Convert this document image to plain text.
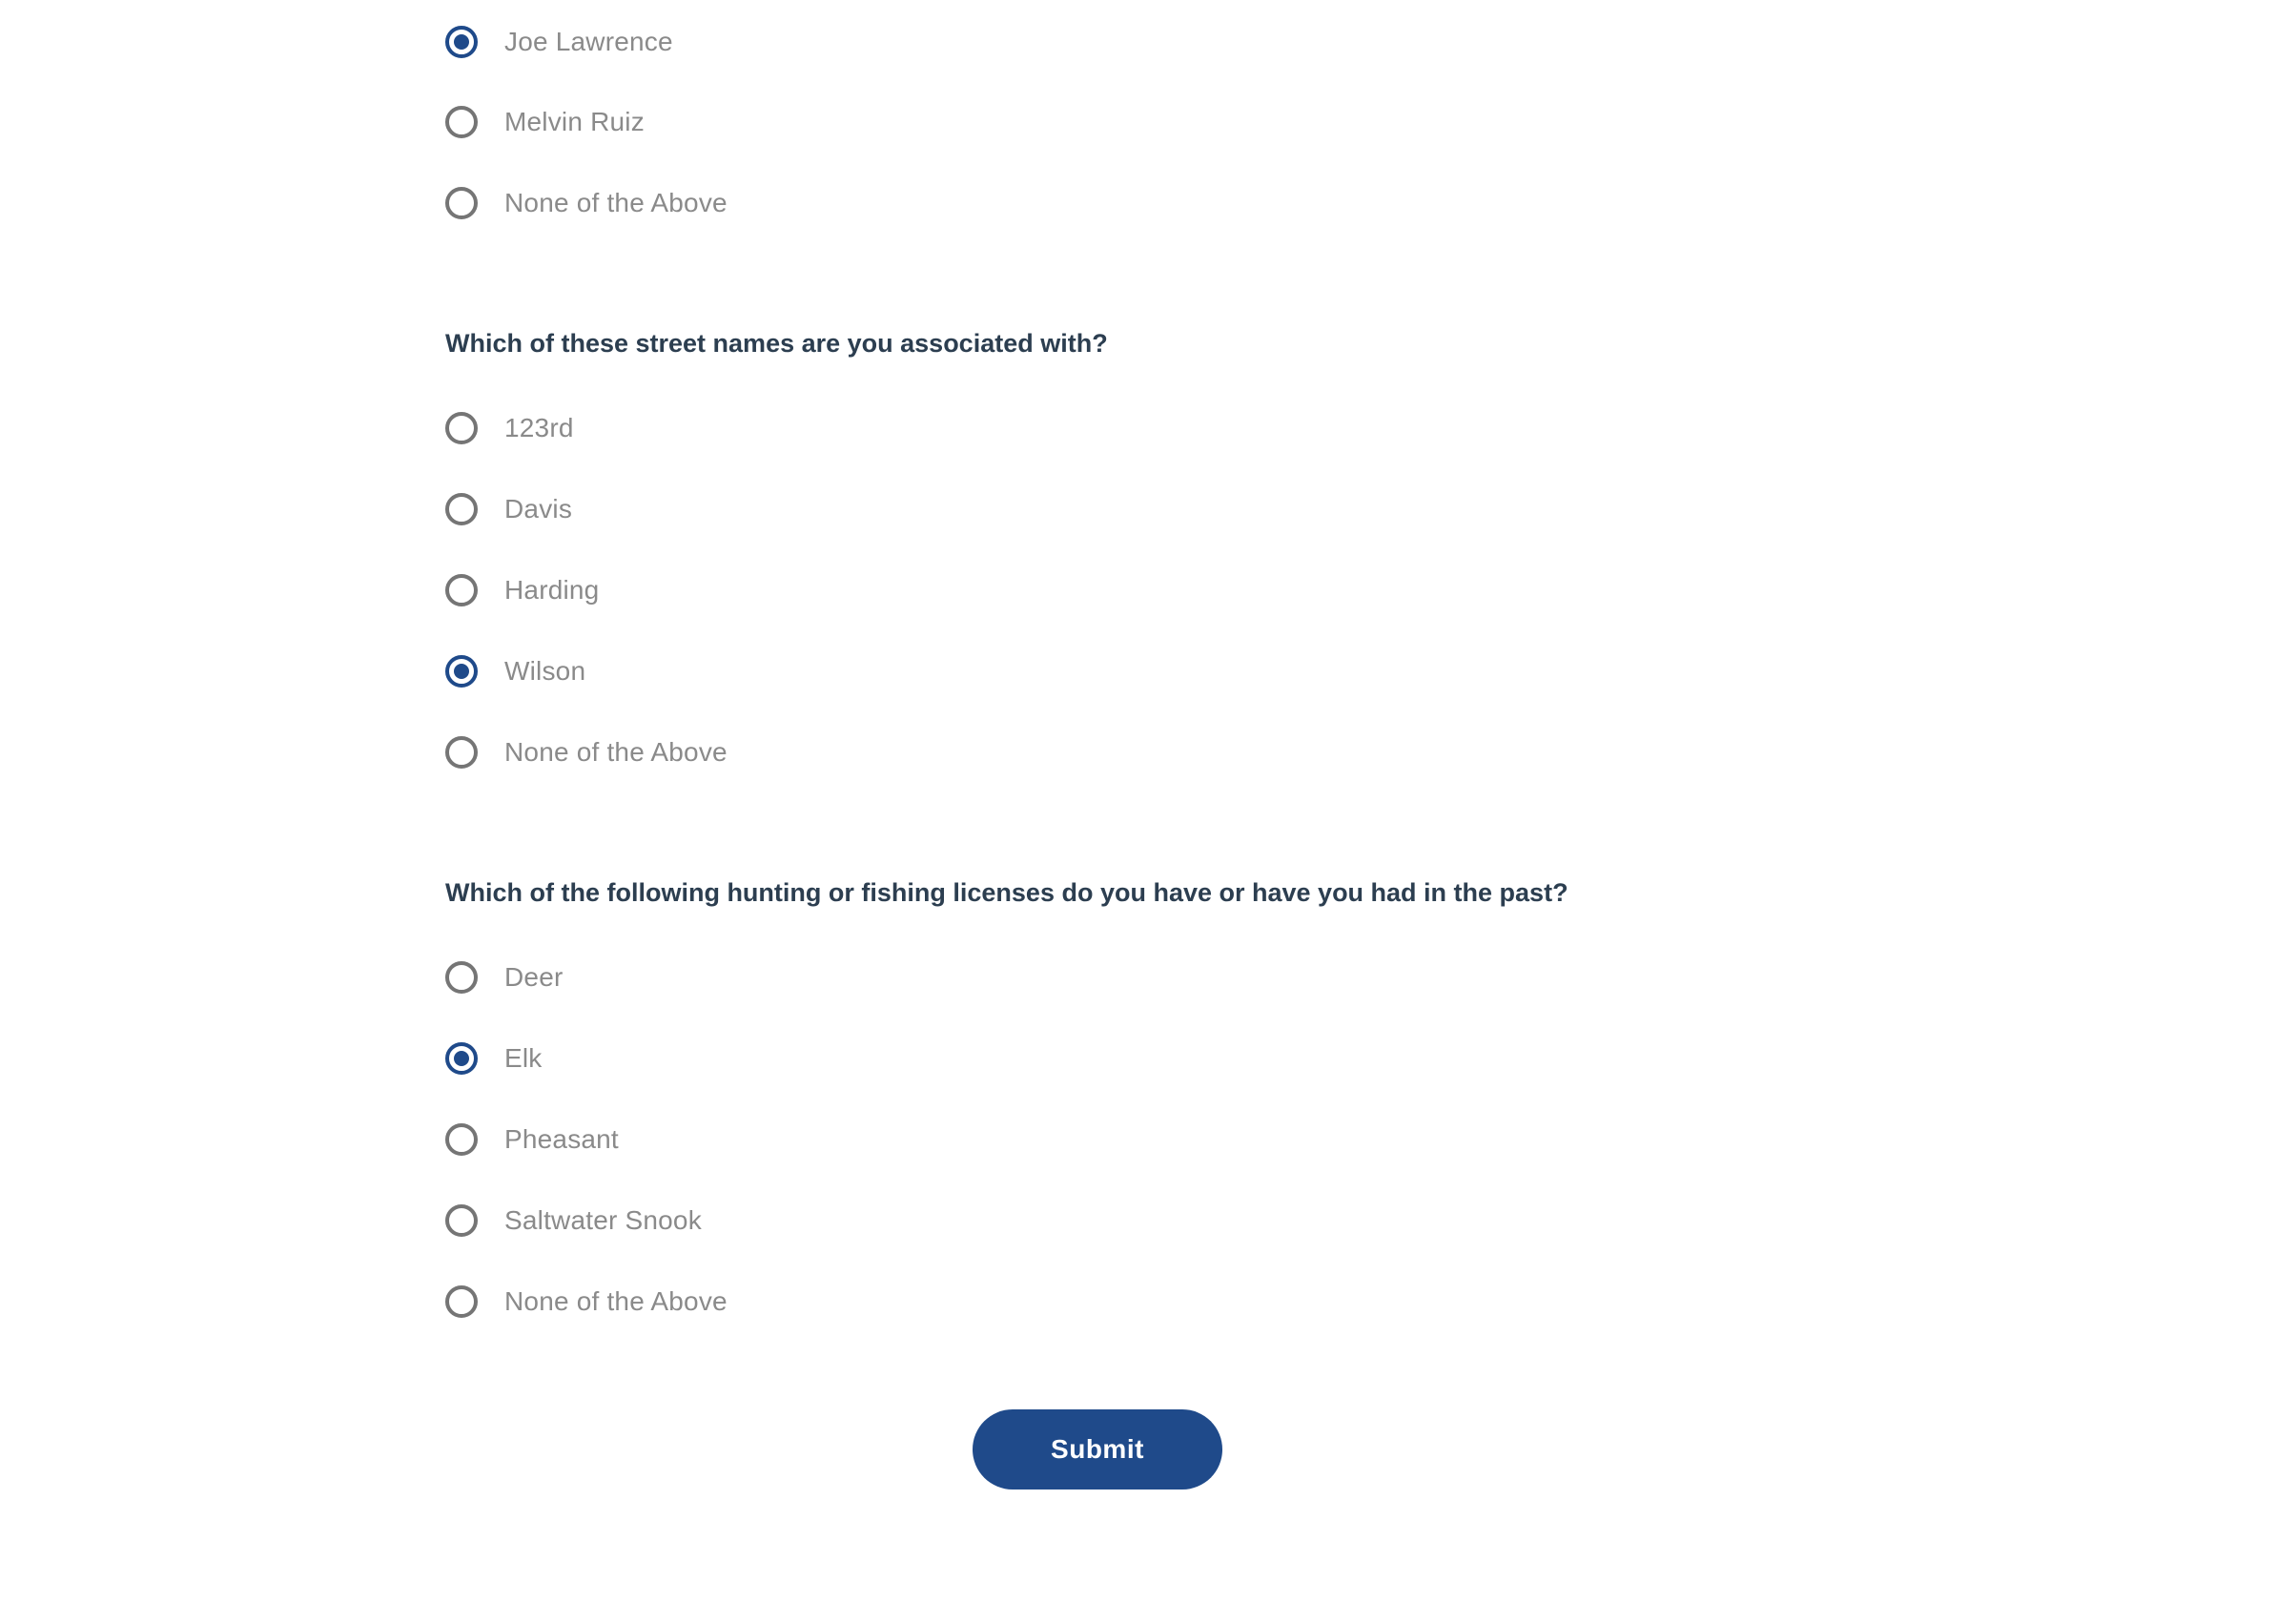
Joe Lawrence
Melvin Ruiz
None of the Above
Which of these street names are you associated with?
123rd
Davis
Harding
Wilson
None of the Above
Which of the following hunting or fishing licenses do you have or have you had in the past?
Deer
Elk
Pheasant
Saltwater Snook
None of the Above
Submit
